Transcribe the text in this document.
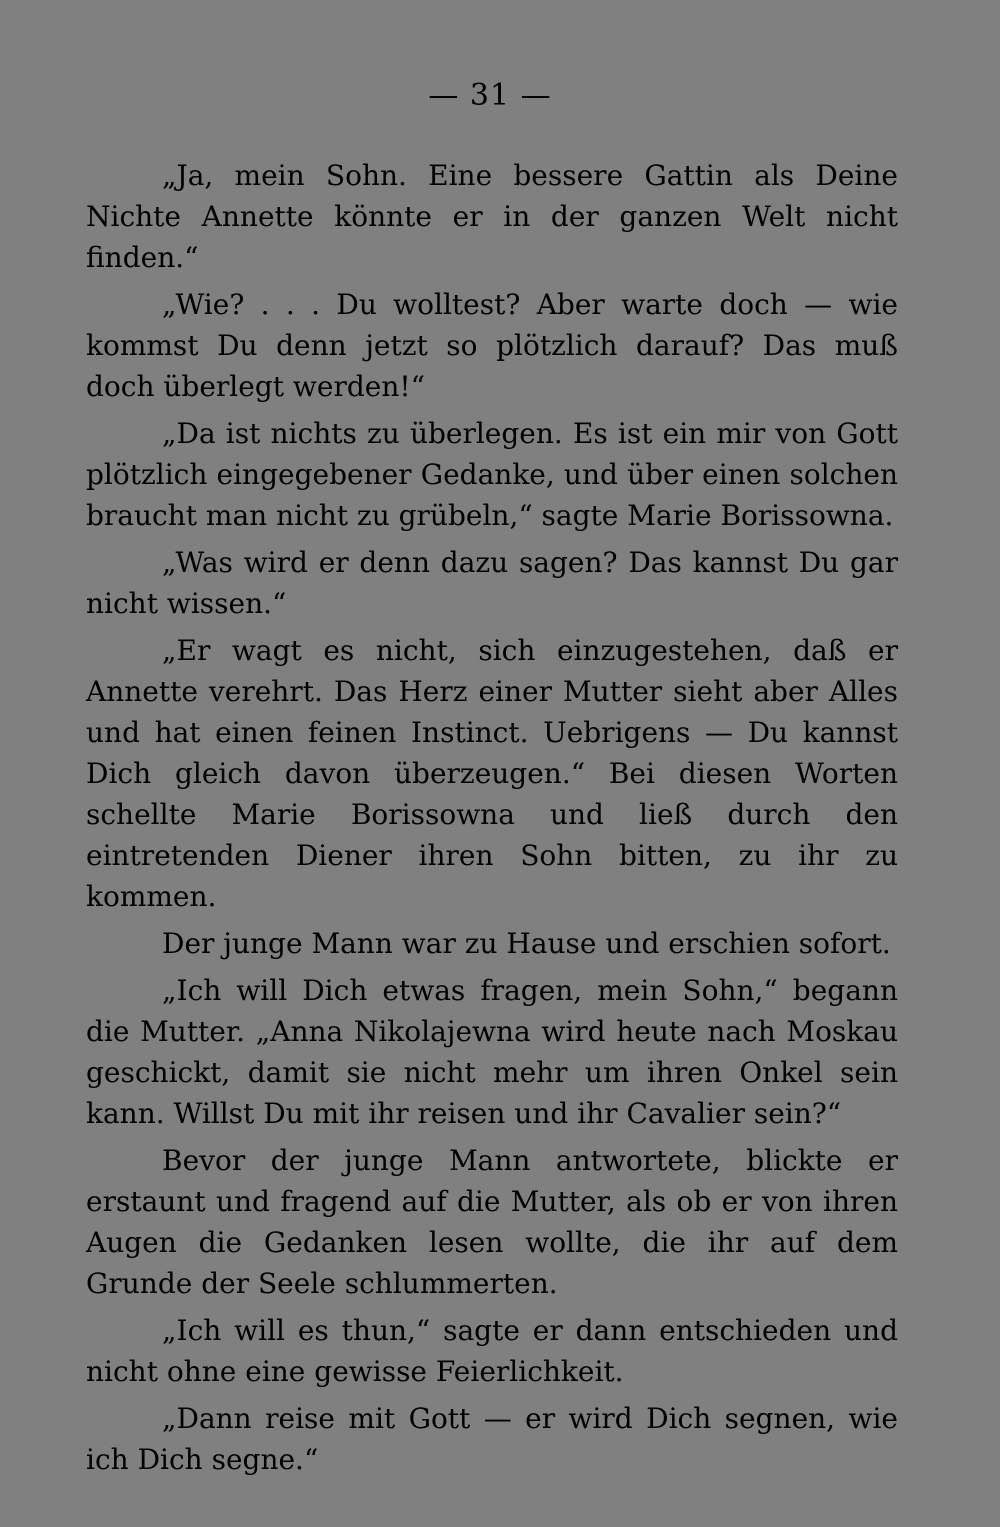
— 31 —

„Ja, mein Sohn. Eine bessere Gattin als Deine Nichte Annette könnte er in der ganzen Welt nicht finden.“

„Wie? . . . Du wolltest? Aber warte doch — wie kommst Du denn jetzt so plötzlich darauf? Das muß doch überlegt werden!“

„Da ist nichts zu überlegen. Es ist ein mir von Gott plötzlich eingegebener Gedanke, und über einen solchen braucht man nicht zu grübeln,“ sagte Marie Borissowna.

„Was wird er denn dazu sagen? Das kannst Du gar nicht wissen.“

„Er wagt es nicht, sich einzugestehen, daß er Annette verehrt. Das Herz einer Mutter sieht aber Alles und hat einen feinen Instinct. Uebrigens — Du kannst Dich gleich davon überzeugen.“ Bei diesen Worten schellte Marie Borissowna und ließ durch den eintretenden Diener ihren Sohn bitten, zu ihr zu kommen.

Der junge Mann war zu Hause und erschien sofort.

„Ich will Dich etwas fragen, mein Sohn,“ begann die Mutter. „Anna Nikolajewna wird heute nach Moskau geschickt, damit sie nicht mehr um ihren Onkel sein kann. Willst Du mit ihr reisen und ihr Cavalier sein?“

Bevor der junge Mann antwortete, blickte er erstaunt und fragend auf die Mutter, als ob er von ihren Augen die Gedanken lesen wollte, die ihr auf dem Grunde der Seele schlummerten.

„Ich will es thun,“ sagte er dann entschieden und nicht ohne eine gewisse Feierlichkeit.

„Dann reise mit Gott — er wird Dich segnen, wie ich Dich segne.“
